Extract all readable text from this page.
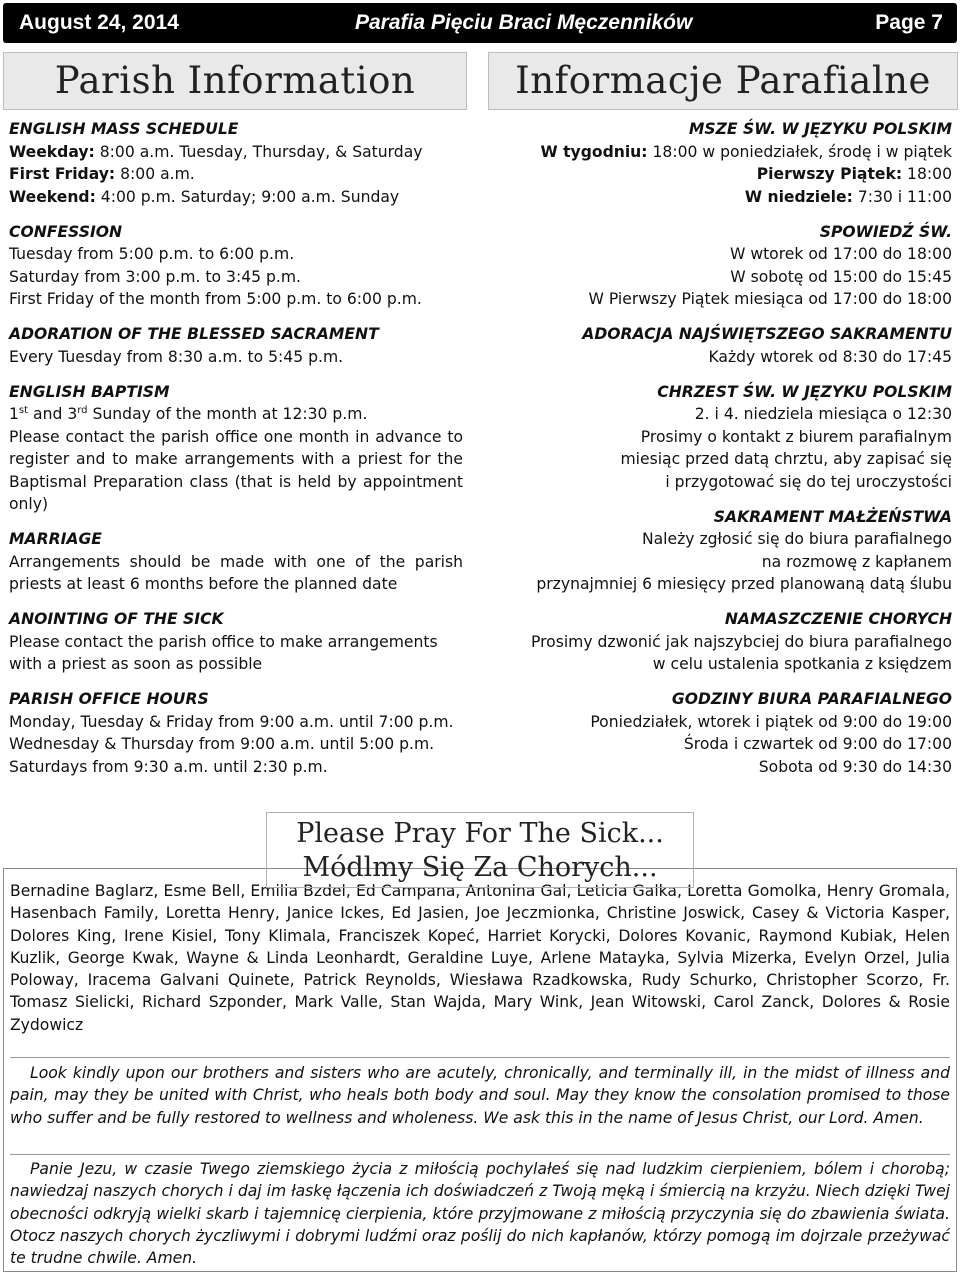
August 24, 2014	Parafia Pięciu Braci Męczenników	Page 7
Parish Information	Informacje Parafialne
ENGLISH MASS SCHEDULE
Weekday: 8:00 a.m. Tuesday, Thursday, & Saturday
First Friday: 8:00 a.m.
Weekend: 4:00 p.m. Saturday; 9:00 a.m. Sunday
CONFESSION
Tuesday from 5:00 p.m. to 6:00 p.m.
Saturday from 3:00 p.m. to 3:45 p.m.
First Friday of the month from 5:00 p.m. to 6:00 p.m.
ADORATION OF THE BLESSED SACRAMENT
Every Tuesday from 8:30 a.m. to 5:45 p.m.
ENGLISH BAPTISM
1st and 3rd Sunday of the month at 12:30 p.m.
Please contact the parish office one month in advance to register and to make arrangements with a priest for the Baptismal Preparation class (that is held by appointment only)
MARRIAGE
Arrangements should be made with one of the parish priests at least 6 months before the planned date
ANOINTING OF THE SICK
Please contact the parish office to make arrangements with a priest as soon as possible
PARISH OFFICE HOURS
Monday, Tuesday & Friday from 9:00 a.m. until 7:00 p.m.
Wednesday & Thursday from 9:00 a.m. until 5:00 p.m.
Saturdays from 9:30 a.m. until 2:30 p.m.
MSZE ŚW. W JĘZYKU POLSKIM
W tygodniu: 18:00 w poniedziałek, środę i w piątek
Pierwszy Piątek: 18:00
W niedziele: 7:30 i 11:00
SPOWIEDŹ ŚW.
W wtorek od 17:00 do 18:00
W sobotę od 15:00 do 15:45
W Pierwszy Piątek miesiąca od 17:00 do 18:00
ADORACJA NAJŚWIĘTSZEGO SAKRAMENTU
Każdy wtorek od 8:30 do 17:45
CHRZEST ŚW. W JĘZYKU POLSKIM
2. i 4. niedziela miesiąca o 12:30
Prosimy o kontakt z biurem parafialnym
miesiąc przed datą chrztu, aby zapisać się
i przygotować się do tej uroczystości
SAKRAMENT MAŁŻEŃSTWA
Należy zgłosić się do biura parafialnego
na rozmowę z kapłanem
przynajmniej 6 miesięcy przed planowaną datą ślubu
NAMASZCZENIE CHORYCH
Prosimy dzwonić jak najszybciej do biura parafialnego
w celu ustalenia spotkania z księdzem
GODZINY BIURA PARAFIALNEGO
Poniedziałek, wtorek i piątek od 9:00 do 19:00
Środa i czwartek od 9:00 do 17:00
Sobota od 9:30 do 14:30
Bernadine Baglarz, Esme Bell, Emilia Bzdel, Ed Campana, Antonina Gal, Leticia Galka, Loretta Gomolka, Henry Gromala, Hasenbach Family, Loretta Henry, Janice Ickes, Ed Jasien, Joe Jeczmionka, Christine Joswick, Casey & Victoria Kasper, Dolores King, Irene Kisiel, Tony Klimala, Franciszek Kopeć, Harriet Korycki, Dolores Kovanic, Raymond Kubiak, Helen Kuzlik, George Kwak, Wayne & Linda Leonhardt, Geraldine Luye, Arlene Matayka, Sylvia Mizerka, Evelyn Orzel, Julia Poloway, Iracema Galvani Quinete, Patrick Reynolds, Wiesława Rzadkowska, Rudy Schurko, Christopher Scorzo, Fr. Tomasz Sielicki, Richard Szponder, Mark Valle, Stan Wajda, Mary Wink, Jean Witowski, Carol Zanck, Dolores & Rosie Zydowicz
Look kindly upon our brothers and sisters who are acutely, chronically, and terminally ill, in the midst of illness and pain, may they be united with Christ, who heals both body and soul. May they know the consolation promised to those who suffer and be fully restored to wellness and wholeness. We ask this in the name of Jesus Christ, our Lord. Amen.
Panie Jezu, w czasie Twego ziemskiego życia z miłością pochylałeś się nad ludzkim cierpieniem, bólem i chorobą; nawiedzaj naszych chorych i daj im łaskę łączenia ich doświadczeń z Twoją męką i śmiercią na krzyżu. Niech dzięki Twej obecności odkryją wielki skarb i tajemnicę cierpienia, które przyjmowane z miłością przyczynia się do zbawienia świata. Otocz naszych chorych życzliwymi i dobrymi ludźmi oraz poślij do nich kapłanów, którzy pomogą im dojrzale przeżywać te trudne chwile. Amen.
Please Pray For The Sick...
Módlmy Się Za Chorych...
